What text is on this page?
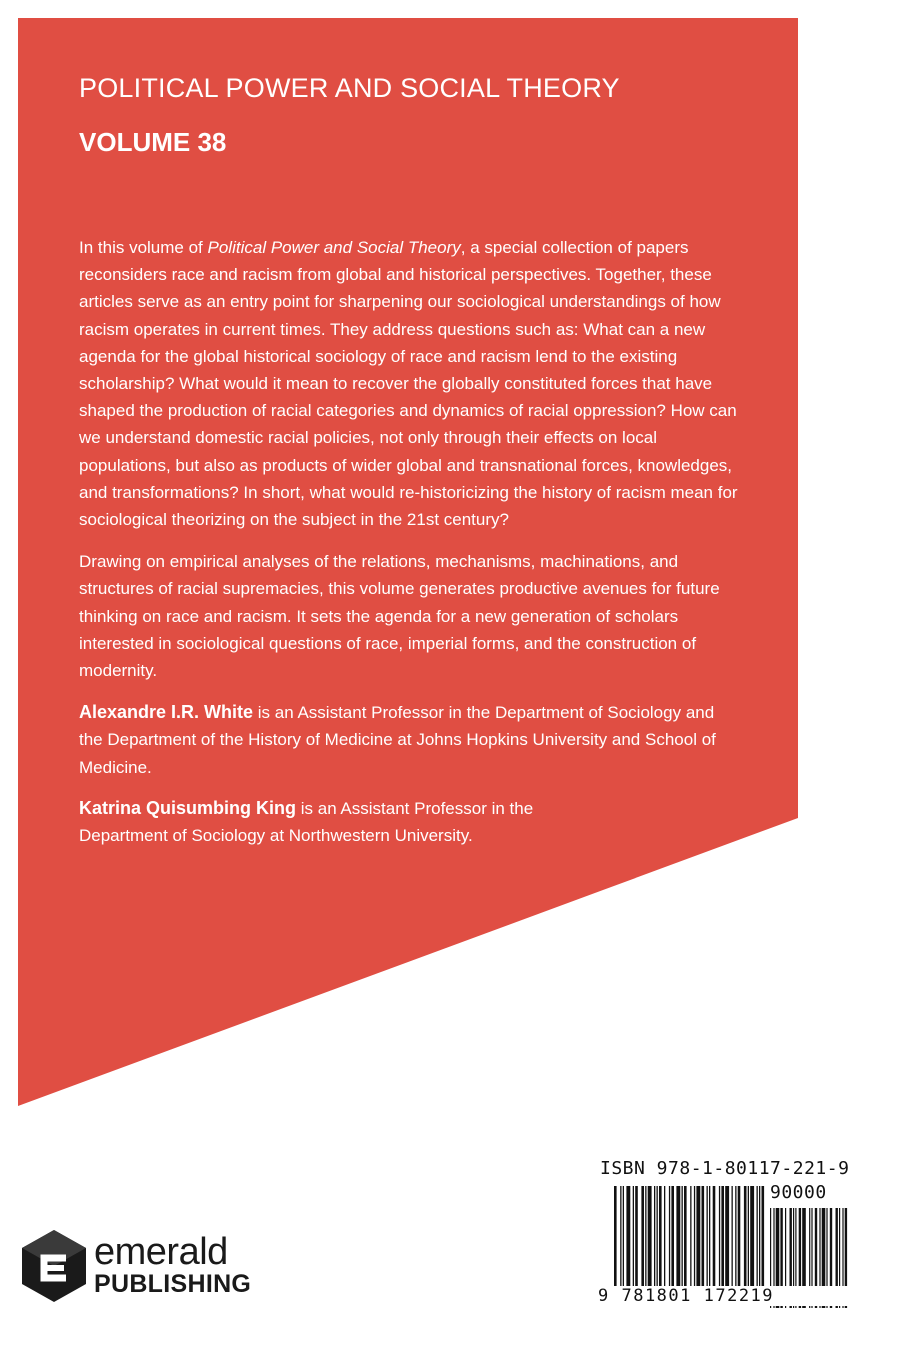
POLITICAL POWER AND SOCIAL THEORY
VOLUME 38

In this volume of Political Power and Social Theory, a special collection of papers reconsiders race and racism from global and historical perspectives. Together, these articles serve as an entry point for sharpening our sociological understandings of how racism operates in current times. They address questions such as: What can a new agenda for the global historical sociology of race and racism lend to the existing scholarship? What would it mean to recover the globally constituted forces that have shaped the production of racial categories and dynamics of racial oppression? How can we understand domestic racial policies, not only through their effects on local populations, but also as products of wider global and transnational forces, knowledges, and transformations? In short, what would re-historicizing the history of racism mean for sociological theorizing on the subject in the 21st century?

Drawing on empirical analyses of the relations, mechanisms, machinations, and structures of racial supremacies, this volume generates productive avenues for future thinking on race and racism. It sets the agenda for a new generation of scholars interested in sociological questions of race, imperial forms, and the construction of modernity.

Alexandre I.R. White is an Assistant Professor in the Department of Sociology and the Department of the History of Medicine at Johns Hopkins University and School of Medicine.

Katrina Quisumbing King is an Assistant Professor in the Department of Sociology at Northwestern University.

emerald
PUBLISHING
ISBN 978-1-80117-221-9
90000
9 781801 172219
